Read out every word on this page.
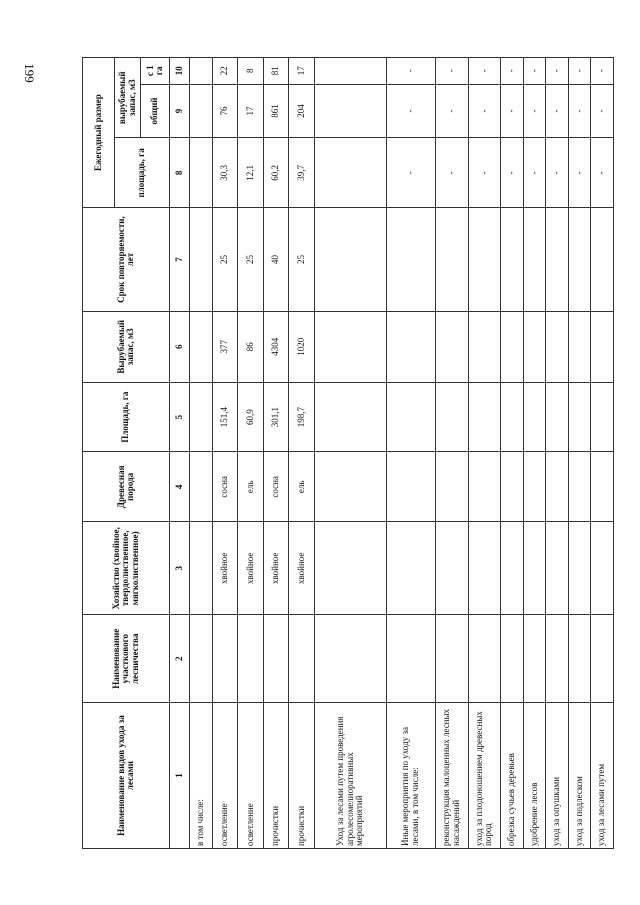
199
Наименование видов ухода за лесами	Наименование участкового лесничества	Хозяйство (хвойное, твердолиственное, мягколиственное)	Древесная порода	Площадь, га	Вырубаемый запас, м3	Срок повторяемости, лет	Ежегодный размер		
							площадь, га	вырубаемый запас, м3	
								общий	с 1 га
1	2	3	4	5	6	7	8	9	10
в том числе:									
осветление		хвойное	сосна	151,4	377	25	30,3	76	22
осветление		хвойное	ель	60,9	86	25	12,1	17	8
прочистки		хвойное	сосна	301,1	4304	40	60,2	861	81
прочистки		хвойное	ель	198,7	1020	25	39,7	204	17
Уход за лесами путем проведения агролесомелиоративных мероприятий									
Иные мероприятия по уходу за лесами, в том числе:							-	-	-
реконструкция малоценных лесных насаждений							-	-	-
уход за плодоношением древесных пород							-	-	-
обрезка сучьев деревьев							-	-	-
удобрение лесов							-	-	-
уход за опушками							-	-	-
уход за подлеском							-	-	-
уход за лесами путем							-	-	-
